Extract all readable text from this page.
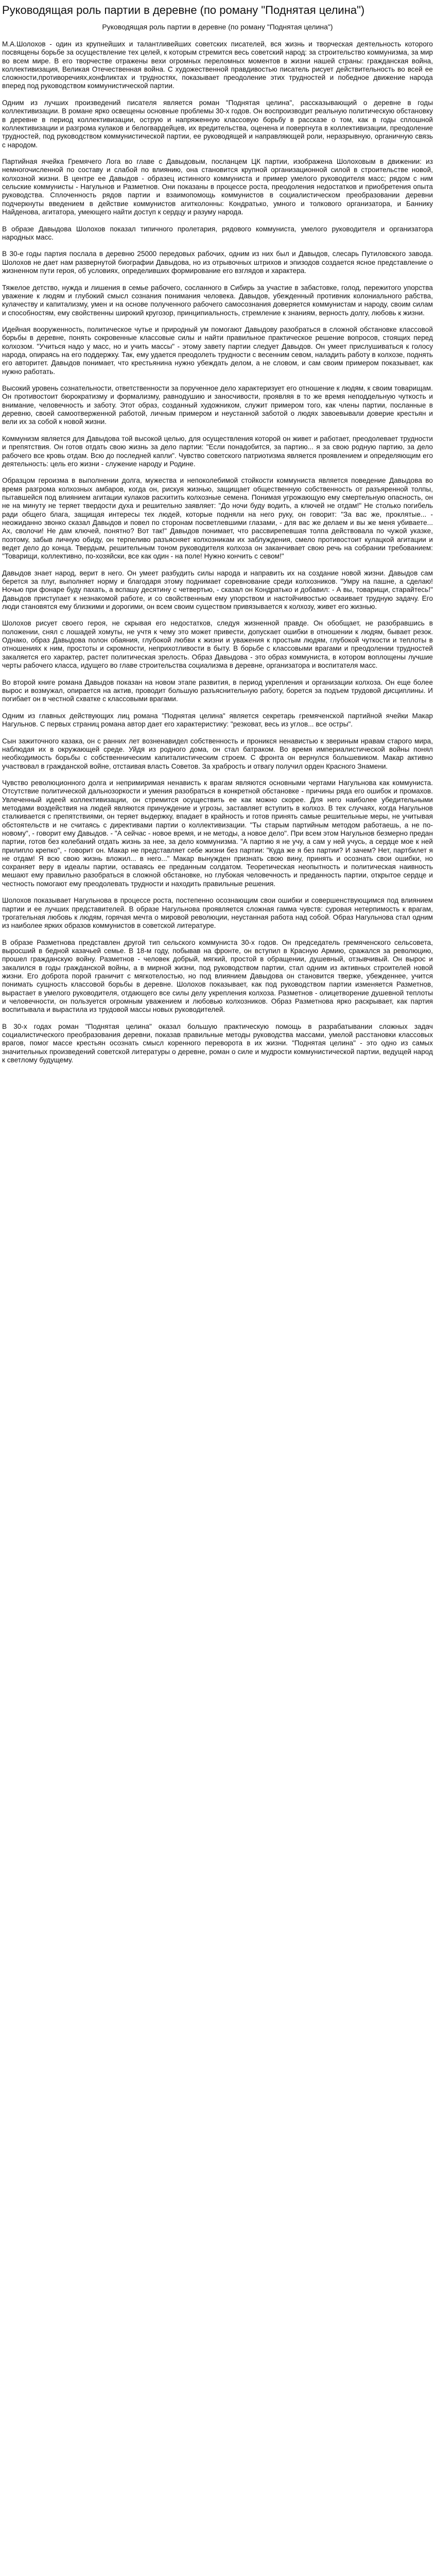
Руководящая роль партии в деревне (по роману "Поднятая целина")
Руководящая роль партии в деревне (по роману "Поднятая целина")

М.А.Шолохов - один из крупнейших и талантливейших советских писателей, вся жизнь и творческая деятельность которого посвящены борьбе за осуществление тех целей, к которым стремится весь советский народ: за строительство коммунизма, за мир во всем мире. В его творчестве отражены вехи огромных переломных моментов в жизни нашей страны: гражданская война, коллективизация, Великая Отечественная война. С художественной правдивостью писатель рисует действительность во всей ее сложности,противоречиях,конфликтах и трудностях, показывает преодоление этих трудностей и победное движение народа вперед под руководством коммунистической партии.

Одним из лучших произведений писателя является роман "Поднятая целина", рассказывающий о деревне в годы коллективизации. В романе ярко освещены основные проблемы 30-х годов. Он воспроизводит реальную политическую обстановку в деревне в период коллективизации, острую и напряженную классовую борьбу в рассказе о том, как в годы сплошной коллективизации и разгрома кулаков и белогвардейцев, их вредительства, оценена и повергнута в коллективизации, преодоление трудностей, под руководством коммунистической партии, ее руководящей и направляющей роли, неразрывную, органичную связь с народом.

Партийная ячейка Гремячего Лога во главе с Давыдовым, посланцем ЦК партии, изображена Шолоховым в движении: из немногочисленной по составу и слабой по влиянию, она становится крупной организационной силой в строительстве новой, колхозной жизни. В центре ее Давыдов - образец истинного коммуниста и пример умелого руководителя масс; рядом с ним сельские коммунисты - Нагульнов и Разметнов. Они показаны в процессе роста, преодоления недостатков и приобретения опыта руководства. Сплоченность рядов партии и взаимопомощь коммунистов в социалистическом преобразовании деревни подчеркнуты введением в действие коммунистов агитколонны: Кондратько, умного и толкового организатора, и Баннику Найденова, агитатора, умеющего найти доступ к сердцу и разуму народа.

В образе Давыдова Шолохов показал типичного пролетария, рядового коммуниста, умелого руководителя и организатора народных масс.

В 30-е годы партия послала в деревню 25000 передовых рабочих, одним из них был и Давыдов, слесарь Путиловского завода. Шолохов не дает нам развернутой биографии Давыдова, но из отрывочных штрихов и эпизодов создается ясное представление о жизненном пути героя, об условиях, определивших формирование его взглядов и характера.

Тяжелое детство, нужда и лишения в семье рабочего, сосланного в Сибирь за участие в забастовке, голод, пережитого упорства уважение к людям и глубокий смысл сознания понимания человека. Давыдов, убежденный противник колониального рабства, кулачеству и капитализму, умен и на основе полученного рабочего самосознания доверяется коммунистам и народу, своим силам и способностям, ему свойственны широкий кругозор, принципиальность, стремление к знаниям, верность долгу, любовь к жизни.

Идейная вооруженность, политическое чутье и природный ум помогают Давыдову разобраться в сложной обстановке классовой борьбы в деревне, понять сокровенные классовые силы и найти правильное практическое решение вопросов, стоящих перед колхозом. "Учиться надо у масс, но и учить массы" - этому завету партии следует Давыдов. Он умеет прислушиваться к голосу народа, опираясь на его поддержку. Так, ему удается преодолеть трудности с весенним севом, наладить работу в колхозе, поднять его авторитет. Давыдов понимает, что крестьянина нужно убеждать делом, а не словом, и сам своим примером показывает, как нужно работать.

Высокий уровень сознательности, ответственности за порученное дело характеризует его отношение к людям, к своим товарищам. Он противостоит бюрократизму и формализму, равнодушию и заносчивости, проявляя в то же время неподдельную чуткость и внимание, человечность и заботу. Этот образ, созданный художником, служит примером того, как члены партии, посланные в деревню, своей самоотверженной работой, личным примером и неустанной заботой о людях завоевывали доверие крестьян и вели их за собой к новой жизни.

Коммунизм является для Давыдова той высокой целью, для осуществления которой он живет и работает, преодолевает трудности и препятствия. Он готов отдать свою жизнь за дело партии: "Если понадобится, за партию... я за свою родную партию, за дело рабочего все кровь отдам. Всю до последней капли". Чувство советского патриотизма является проявлением и определяющим его деятельность: цель его жизни - служение народу и Родине.

Образцом героизма в выполнении долга, мужества и непоколебимой стойкости коммуниста является поведение Давыдова во время разгрома колхозных амбаров, когда он, рискуя жизнью, защищает общественную собственность от разъяренной толпы, пытавшейся под влиянием агитации кулаков расхитить колхозные семена. Понимая угрожающую ему смертельную опасность, он не на минуту не теряет твердости духа и решительно заявляет: "До ночи буду водить, а ключей не отдам!" Не столько погибель ради общего блага, защищая интересы тех людей, которые подняли на него руку, он говорит: "За вас же, проклятые... - неожиданно звонко сказал Давыдов и повел по сторонам посветлевшими глазами, - для вас же делаем и вы же меня убиваете... Ах, сволочи! Не дам ключей, понятно? Вот так!" Давыдов понимает, что рассвирепевшая толпа действовала по чужой указке, поэтому, забыв личную обиду, он терпеливо разъясняет колхозникам их заблуждения, смело противостоит кулацкой агитации и ведет дело до конца. Твердым, решительным тоном руководителя колхоза он заканчивает свою речь на собрании требованием: "Товарищи, коллективно, по-хозяйски, все как один - на поле! Нужно кончить с севом!"

Давыдов знает народ, верит в него. Он умеет разбудить силы народа и направить их на создание новой жизни. Давыдов сам берется за плуг, выполняет норму и благодаря этому поднимает соревнование среди колхозников. "Умру на пашне, а сделаю! Ночью при фонаре буду пахать, а вспашу десятину с четвертью, - сказал он Кондратько и добавил: - А вы, товарищи, старайтесь!" Давыдов приступает к незнакомой работе, и со свойственным ему упорством и настойчивостью осваивает трудную задачу. Его люди становятся ему близкими и дорогими, он всем своим существом привязывается к колхозу, живет его жизнью.

Шолохов рисует своего героя, не скрывая его недостатков, следуя жизненной правде. Он обобщает, не разобравшись в положении, снял с лошадей хомуты, не учтя к чему это может привести, допускает ошибки в отношении к людям, бывает резок. Однако, образ Давыдова полон обаяния, глубокой любви к жизни и уважения к простым людям, глубокой чуткости и теплоты в отношениях к ним, простоты и скромности, неприхотливости в быту. В борьбе с классовыми врагами и преодолении трудностей закаляется его характер, растет политическая зрелость. Образ Давыдова - это образ коммуниста, в котором воплощены лучшие черты рабочего класса, идущего во главе строительства социализма в деревне, организатора и воспитателя масс.

Во второй книге романа Давыдов показан на новом этапе развития, в период укрепления и организации колхоза. Он еще более вырос и возмужал, опирается на актив, проводит большую разъяснительную работу, борется за подъем трудовой дисциплины. И погибает он в честной схватке с классовыми врагами.

Одним из главных действующих лиц романа "Поднятая целина" является секретарь гремяченской партийной ячейки Макар Нагульнов. С первых страниц романа автор дает его характеристику: "резковат, весь из углов... все остры".

Сын зажиточного казака, он с ранних лет возненавидел собственность и проникся ненавистью к звериным нравам старого мира, наблюдая их в окружающей среде. Уйдя из родного дома, он стал батраком. Во время империалистической войны понял необходимость борьбы с собственническим капиталистическим строем. С фронта он вернулся большевиком. Макар активно участвовал в гражданской войне, отстаивая власть Советов. За храбрость и отвагу получил орден Красного Знамени.

Чувство революционного долга и непримиримая ненависть к врагам являются основными чертами Нагульнова как коммуниста. Отсутствие политической дальнозоркости и умения разобраться в конкретной обстановке - причины ряда его ошибок и промахов. Увлеченный идеей коллективизации, он стремится осуществить ее как можно скорее. Для него наиболее убедительными методами воздействия на людей являются принуждение и угрозы, заставляет вступить в колхоз. В тех случаях, когда Нагульнов сталкивается с препятствиями, он теряет выдержку, впадает в крайность и готов принять самые решительные меры, не учитывая обстоятельств и не считаясь с директивами партии о коллективизации. "Ты старым партийным методом работаешь, а не по-новому", - говорит ему Давыдов. - "А сейчас - новое время, и не методы, а новое дело". При всем этом Нагульнов безмерно предан партии, готов без колебаний отдать жизнь за нее, за дело коммунизма. "А партию я не учу, а сам у ней учусь, а сердце мое к ней прилипло крепко", - говорит он. Макар не представляет себе жизни без партии: "Куда же я без партии? И зачем? Нет, партбилет я не отдам! Я всю свою жизнь вложил... в него..." Макар вынужден признать свою вину, принять и осознать свои ошибки, но сохраняет веру в идеалы партии, оставаясь ее преданным солдатом. Теоретическая неопытность и политическая наивность мешают ему правильно разобраться в сложной обстановке, но глубокая человечность и преданность партии, открытое сердце и честность помогают ему преодолевать трудности и находить правильные решения.

Шолохов показывает Нагульнова в процессе роста, постепенно осознающим свои ошибки и совершенствующимся под влиянием партии и ее лучших представителей. В образе Нагульнова проявляется сложная гамма чувств: суровая нетерпимость к врагам, трогательная любовь к людям, горячая мечта о мировой революции, неустанная работа над собой. Образ Нагульнова стал одним из наиболее ярких образов коммунистов в советской литературе.

В образе Разметнова представлен другой тип сельского коммуниста 30-х годов. Он председатель гремяченского сельсовета, выросший в бедной казачьей семье. В 18-м году, побывав на фронте, он вступил в Красную Армию, сражался за революцию, прошел гражданскую войну. Разметнов - человек добрый, мягкий, простой в обращении, душевный, отзывчивый. Он вырос и закалился в годы гражданской войны, а в мирной жизни, под руководством партии, стал одним из активных строителей новой жизни. Его доброта порой граничит с мягкотелостью, но под влиянием Давыдова он становится тверже, убежденнее, учится понимать сущность классовой борьбы в деревне. Шолохов показывает, как под руководством партии изменяется Разметнов, вырастает в умелого руководителя, отдающего все силы делу укрепления колхоза. Разметнов - олицетворение душевной теплоты и человечности, он пользуется огромным уважением и любовью колхозников. Образ Разметнова ярко раскрывает, как партия воспитывала и вырастила из трудовой массы новых руководителей.

В 30-х годах роман "Поднятая целина" оказал большую практическую помощь в разрабатывании сложных задач социалистического преобразования деревни, показав правильные методы руководства массами, умелой расстановки классовых врагов, помог массе крестьян осознать смысл коренного переворота в их жизни. "Поднятая целина" - это одно из самых значительных произведений советской литературы о деревне, роман о силе и мудрости коммунистической партии, ведущей народ к светлому будущему.
